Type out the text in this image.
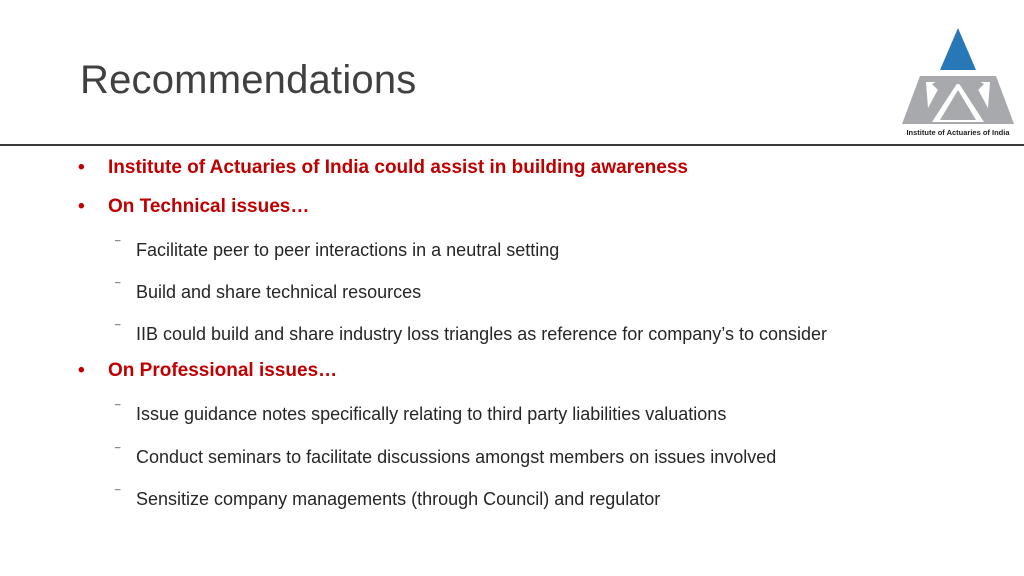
Recommendations
Institute of Actuaries of India
• Institute of Actuaries of India could assist in building awareness
• On Technical issues…
⁻ Facilitate peer to peer interactions in a neutral setting
⁻ Build and share technical resources
⁻ IIB could build and share industry loss triangles as reference for company’s to consider
• On Professional issues…
⁻ Issue guidance notes specifically relating to third party liabilities valuations
⁻ Conduct seminars to facilitate discussions amongst members on issues involved
⁻ Sensitize company managements (through Council) and regulator
